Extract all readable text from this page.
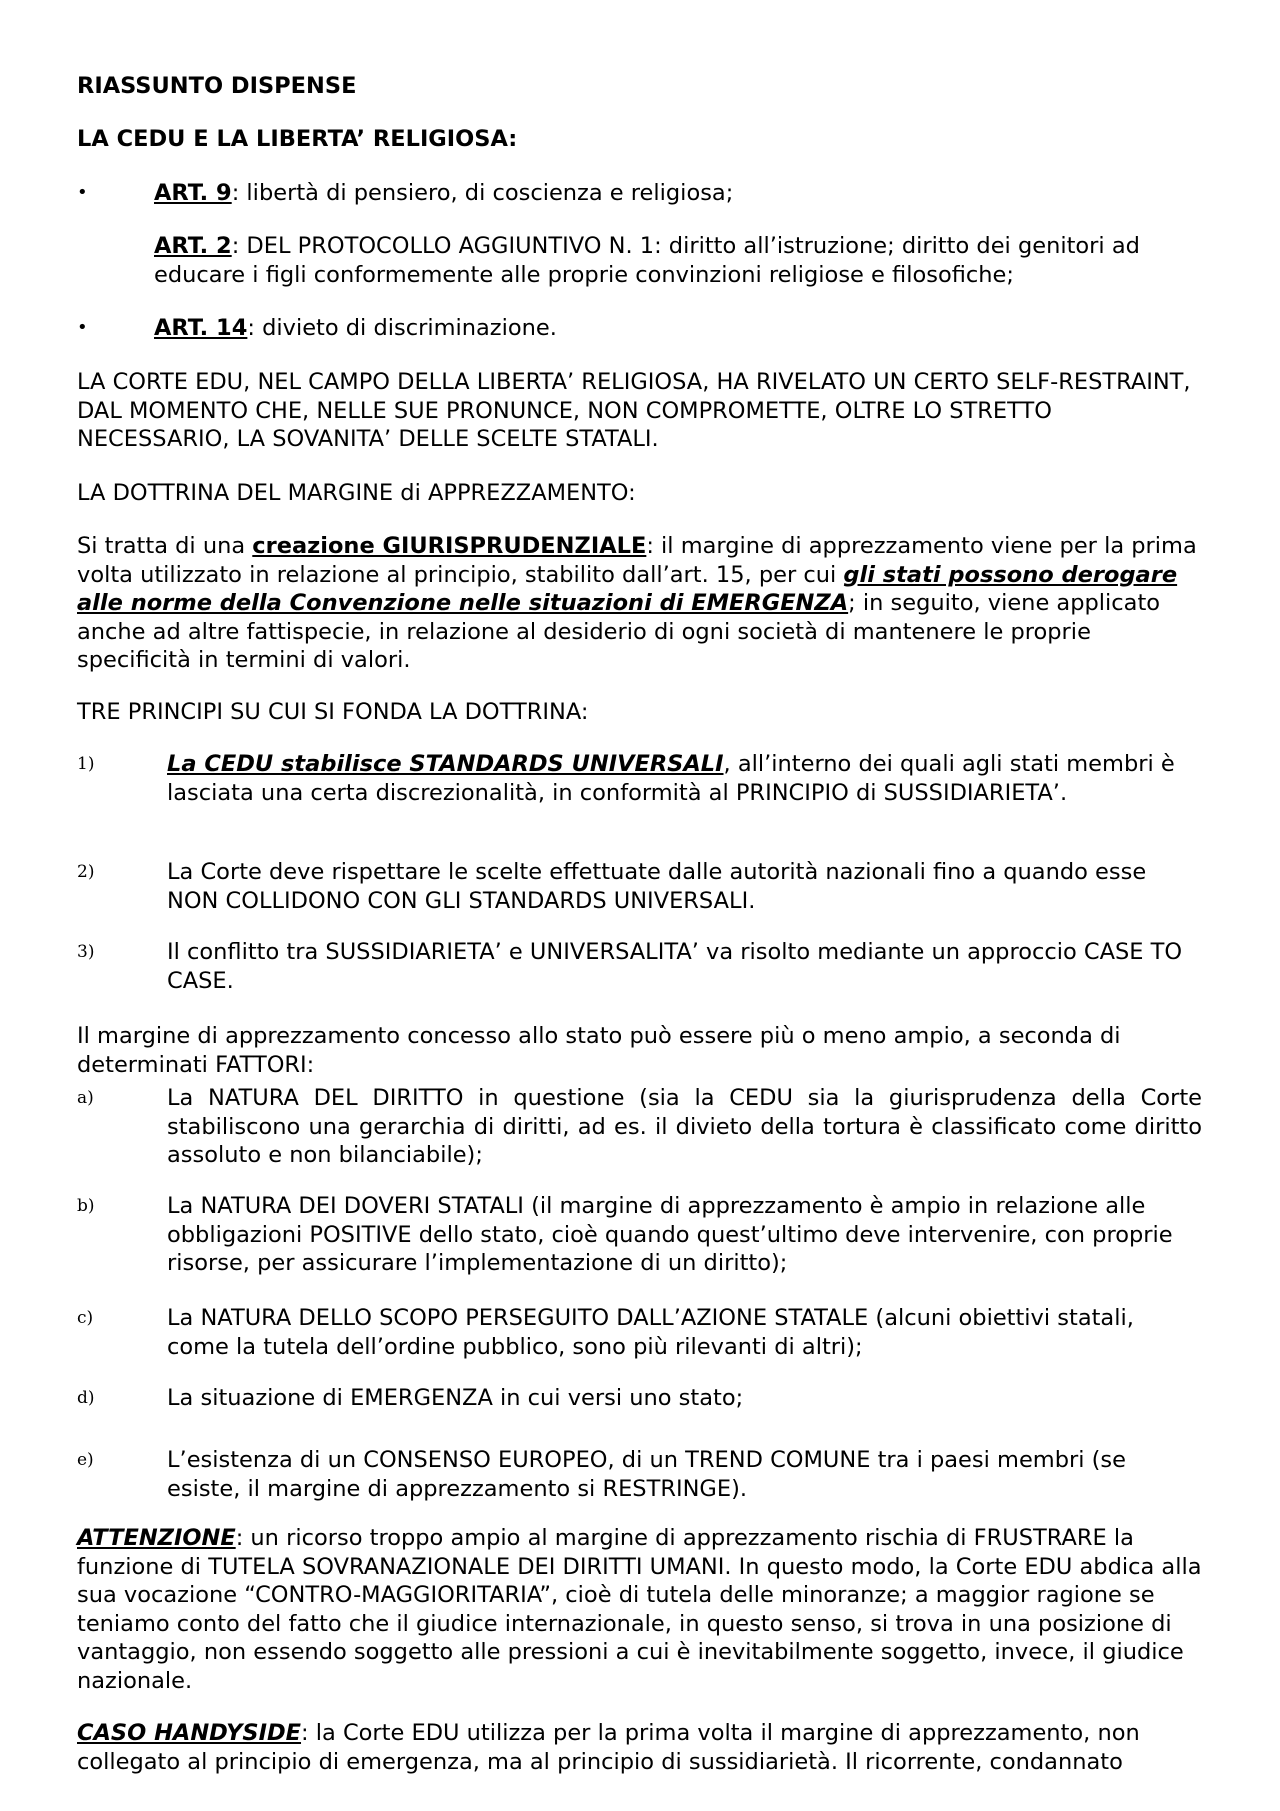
RIASSUNTO DISPENSE

LA CEDU E LA LIBERTA’ RELIGIOSA:

•	ART. 9: libertà di pensiero, di coscienza e religiosa;

ART. 2: DEL PROTOCOLLO AGGIUNTIVO N. 1: diritto all’istruzione; diritto dei genitori ad educare i figli conformemente alle proprie convinzioni religiose e filosofiche;

•	ART. 14: divieto di discriminazione.

LA CORTE EDU, NEL CAMPO DELLA LIBERTA’ RELIGIOSA, HA RIVELATO UN CERTO SELF-RESTRAINT, DAL MOMENTO CHE, NELLE SUE PRONUNCE, NON COMPROMETTE, OLTRE LO STRETTO NECESSARIO, LA SOVANITA’ DELLE SCELTE STATALI.

LA DOTTRINA DEL MARGINE di APPREZZAMENTO:

Si tratta di una creazione GIURISPRUDENZIALE: il margine di apprezzamento viene per la prima volta utilizzato in relazione al principio, stabilito dall’art. 15, per cui gli stati possono derogare alle norme della Convenzione nelle situazioni di EMERGENZA; in seguito, viene applicato anche ad altre fattispecie, in relazione al desiderio di ogni società di mantenere le proprie specificità in termini di valori.

TRE PRINCIPI SU CUI SI FONDA LA DOTTRINA:

1)	La CEDU stabilisce STANDARDS UNIVERSALI, all’interno dei quali agli stati membri è lasciata una certa discrezionalità, in conformità al PRINCIPIO di SUSSIDIARIETA’.

2)	La Corte deve rispettare le scelte effettuate dalle autorità nazionali fino a quando esse NON COLLIDONO CON GLI STANDARDS UNIVERSALI.

3)	Il conflitto tra SUSSIDIARIETA’ e UNIVERSALITA’ va risolto mediante un approccio CASE TO CASE.

Il margine di apprezzamento concesso allo stato può essere più o meno ampio, a seconda di determinati FATTORI:

a)	La NATURA DEL DIRITTO in questione (sia la CEDU sia la giurisprudenza della Corte stabiliscono una gerarchia di diritti, ad es. il divieto della tortura è classificato come diritto assoluto e non bilanciabile);

b)	La NATURA DEI DOVERI STATALI (il margine di apprezzamento è ampio in relazione alle obbligazioni POSITIVE dello stato, cioè quando quest’ultimo deve intervenire, con proprie risorse, per assicurare l’implementazione di un diritto);

c)	La NATURA DELLO SCOPO PERSEGUITO DALL’AZIONE STATALE (alcuni obiettivi statali, come la tutela dell’ordine pubblico, sono più rilevanti di altri);

d)	La situazione di EMERGENZA in cui versi uno stato;

e)	L’esistenza di un CONSENSO EUROPEO, di un TREND COMUNE tra i paesi membri (se esiste, il margine di apprezzamento si RESTRINGE).

ATTENZIONE: un ricorso troppo ampio al margine di apprezzamento rischia di FRUSTRARE la funzione di TUTELA SOVRANAZIONALE DEI DIRITTI UMANI. In questo modo, la Corte EDU abdica alla sua vocazione “CONTRO-MAGGIORITARIA”, cioè di tutela delle minoranze; a maggior ragione se teniamo conto del fatto che il giudice internazionale, in questo senso, si trova in una posizione di vantaggio, non essendo soggetto alle pressioni a cui è inevitabilmente soggetto, invece, il giudice nazionale.

CASO HANDYSIDE: la Corte EDU utilizza per la prima volta il margine di apprezzamento, non collegato al principio di emergenza, ma al principio di sussidiarietà. Il ricorrente, condannato
